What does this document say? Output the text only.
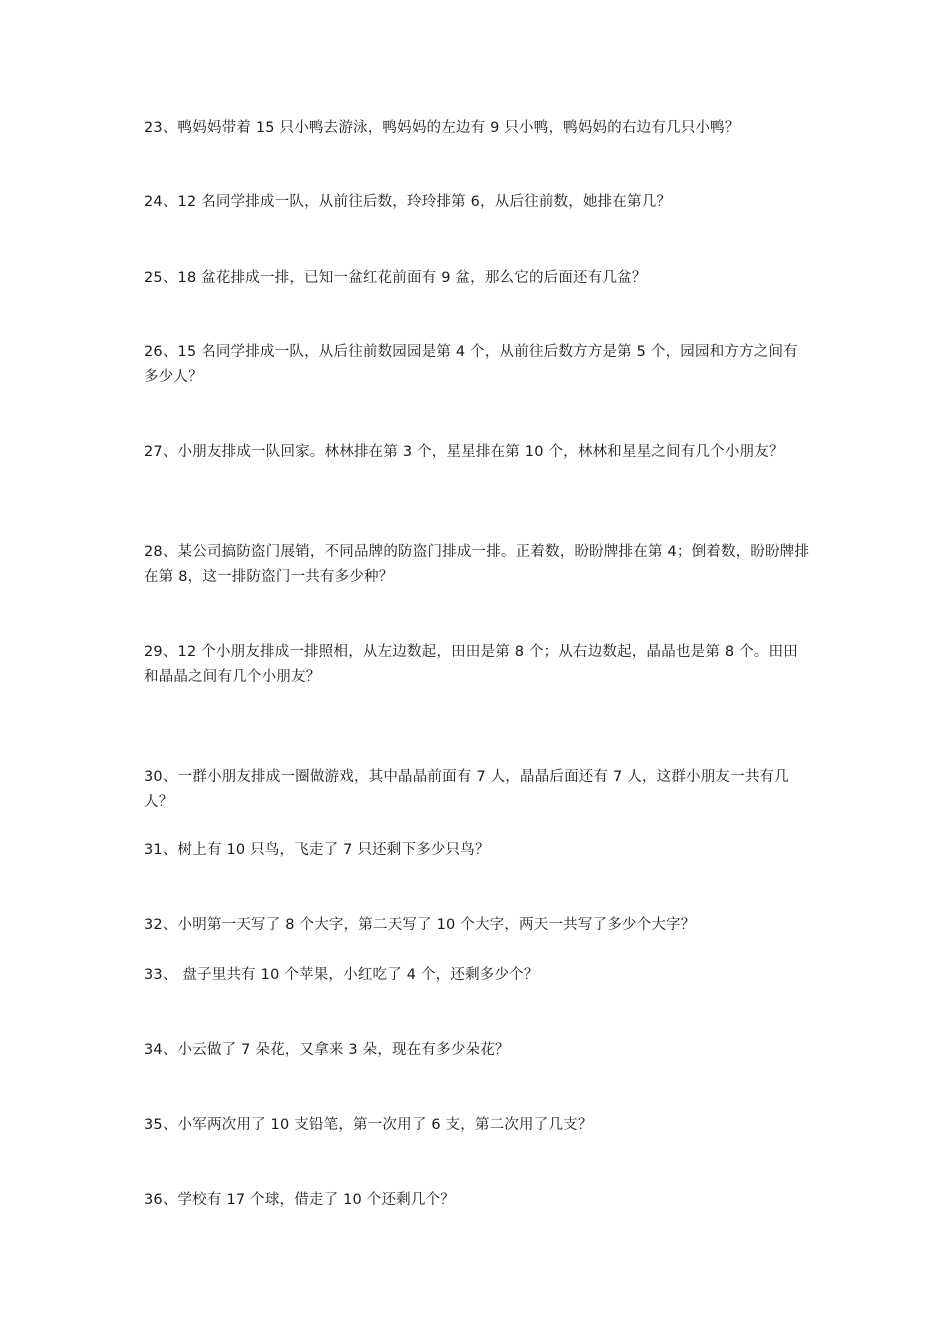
23、鸭妈妈带着 15 只小鸭去游泳，鸭妈妈的左边有 9 只小鸭，鸭妈妈的右边有几只小鸭？
24、12 名同学排成一队，从前往后数，玲玲排第 6，从后往前数，她排在第几？
25、18 盆花排成一排，已知一盆红花前面有 9 盆，那么它的后面还有几盆？
26、15 名同学排成一队，从后往前数园园是第 4 个，从前往后数方方是第 5 个，园园和方方之间有多少人？
27、小朋友排成一队回家。林林排在第 3 个，星星排在第 10 个，林林和星星之间有几个小朋友？
28、某公司搞防盗门展销，不同品牌的防盗门排成一排。正着数，盼盼牌排在第 4；倒着数，盼盼牌排在第 8，这一排防盗门一共有多少种？
29、12 个小朋友排成一排照相，从左边数起，田田是第 8 个；从右边数起，晶晶也是第 8 个。田田和晶晶之间有几个小朋友？
30、一群小朋友排成一圈做游戏，其中晶晶前面有 7 人，晶晶后面还有 7 人，这群小朋友一共有几人？
31、树上有 10 只鸟，飞走了 7 只还剩下多少只鸟？
32、小明第一天写了 8 个大字，第二天写了 10 个大字，两天一共写了多少个大字？
33、 盘子里共有 10 个苹果，小红吃了 4 个，还剩多少个？
34、小云做了 7 朵花，又拿来 3 朵，现在有多少朵花？
35、小军两次用了 10 支铅笔，第一次用了 6 支，第二次用了几支？
36、学校有 17 个球，借走了 10 个还剩几个？
